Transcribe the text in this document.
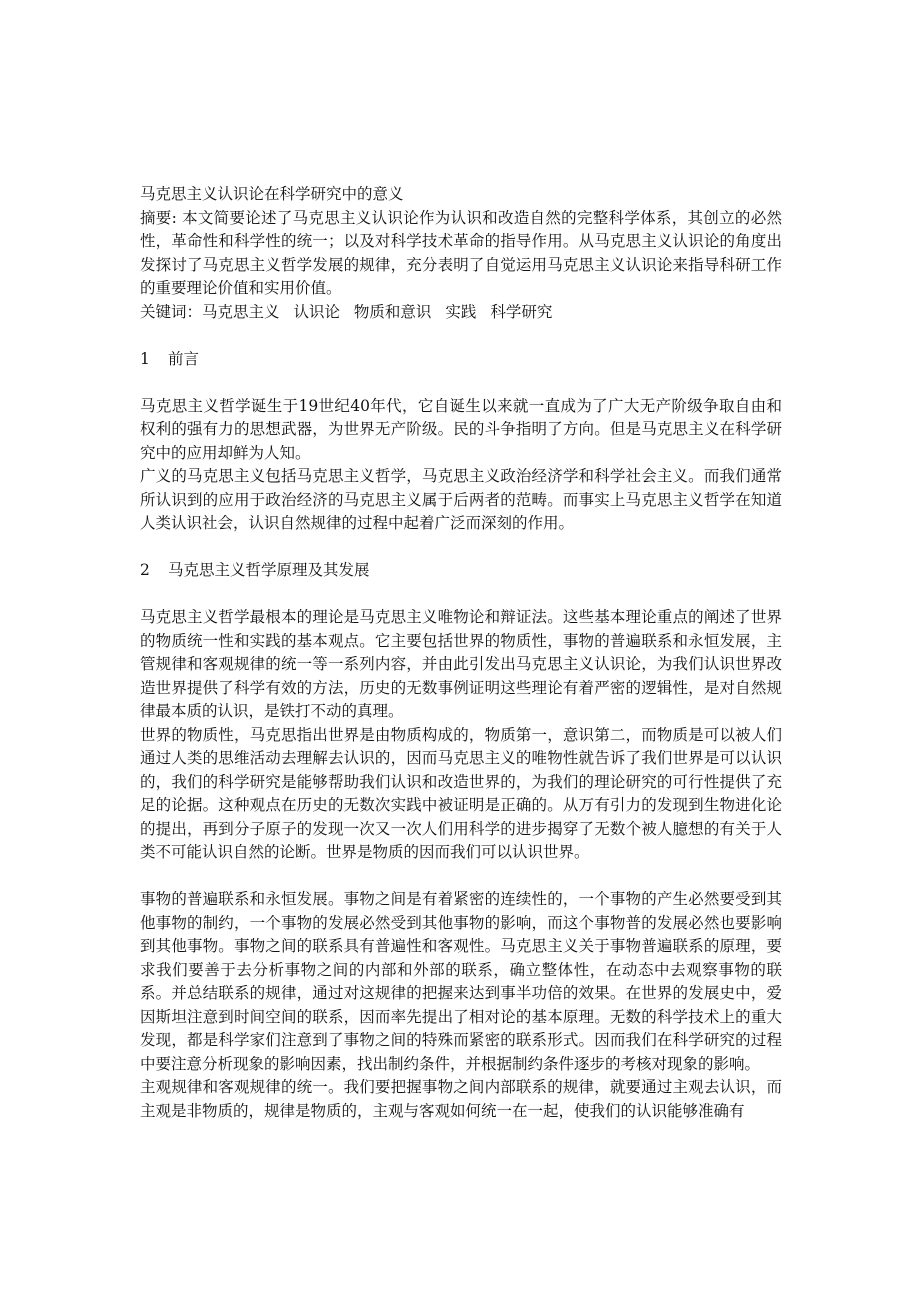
马克思主义认识论在科学研究中的意义

摘要: 本文简要论述了马克思主义认识论作为认识和改造自然的完整科学体系，其创立的必然性，革命性和科学性的统一；以及对科学技术革命的指导作用。从马克思主义认识论的角度出发探讨了马克思主义哲学发展的规律，充分表明了自觉运用马克思主义认识论来指导科研工作的重要理论价值和实用价值。

关键词：马克思主义 认识论 物质和意识 实践 科学研究
1 前言

马克思主义哲学诞生于19世纪40年代，它自诞生以来就一直成为了广大无产阶级争取自由和权利的强有力的思想武器，为世界无产阶级。民的斗争指明了方向。但是马克思主义在科学研究中的应用却鲜为人知。

广义的马克思主义包括马克思主义哲学，马克思主义政治经济学和科学社会主义。而我们通常所认识到的应用于政治经济的马克思主义属于后两者的范畴。而事实上马克思主义哲学在知道人类认识社会，认识自然规律的过程中起着广泛而深刻的作用。

2 马克思主义哲学原理及其发展

马克思主义哲学最根本的理论是马克思主义唯物论和辩证法。这些基本理论重点的阐述了世界的物质统一性和实践的基本观点。它主要包括世界的物质性，事物的普遍联系和永恒发展，主管规律和客观规律的统一等一系列内容，并由此引发出马克思主义认识论，为我们认识世界改造世界提供了科学有效的方法，历史的无数事例证明这些理论有着严密的逻辑性，是对自然规律最本质的认识，是铁打不动的真理。

世界的物质性，马克思指出世界是由物质构成的，物质第一，意识第二，而物质是可以被人们通过人类的思维活动去理解去认识的，因而马克思主义的唯物性就告诉了我们世界是可以认识的，我们的科学研究是能够帮助我们认识和改造世界的，为我们的理论研究的可行性提供了充足的论据。这种观点在历史的无数次实践中被证明是正确的。从万有引力的发现到生物进化论的提出，再到分子原子的发现一次又一次人们用科学的进步揭穿了无数个被人臆想的有关于人类不可能认识自然的论断。世界是物质的因而我们可以认识世界。

事物的普遍联系和永恒发展。事物之间是有着紧密的连续性的，一个事物的产生必然要受到其他事物的制约，一个事物的发展必然受到其他事物的影响，而这个事物普的发展必然也要影响到其他事物。事物之间的联系具有普遍性和客观性。马克思主义关于事物普遍联系的原理，要求我们要善于去分析事物之间的内部和外部的联系，确立整体性，在动态中去观察事物的联系。并总结联系的规律，通过对这规律的把握来达到事半功倍的效果。在世界的发展史中，爱因斯坦注意到时间空间的联系，因而率先提出了相对论的基本原理。无数的科学技术上的重大发现，都是科学家们注意到了事物之间的特殊而紧密的联系形式。因而我们在科学研究的过程中要注意分析现象的影响因素，找出制约条件，并根据制约条件逐步的考核对现象的影响。

主观规律和客观规律的统一。我们要把握事物之间内部联系的规律，就要通过主观去认识，而主观是非物质的，规律是物质的，主观与客观如何统一在一起，使我们的认识能够准确有
